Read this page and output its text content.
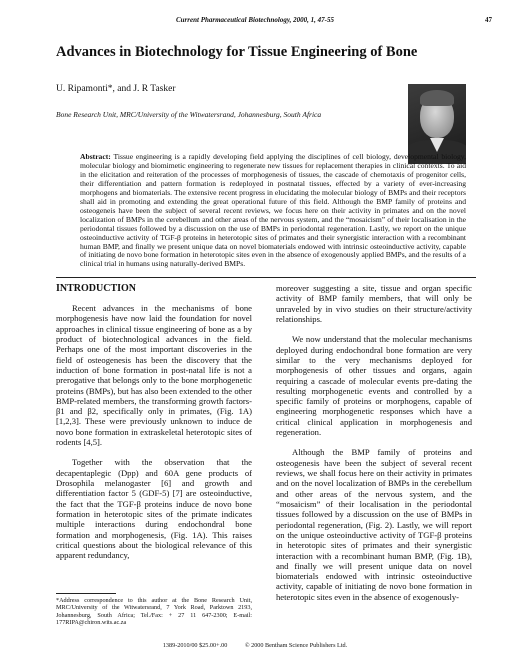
Current Pharmaceutical Biotechnology, 2000, 1, 47-55	47
Advances in Biotechnology for Tissue Engineering of Bone
U. Ripamonti*, and J. R Tasker
Bone Research Unit, MRC/University of the Witwatersrand, Johannesburg, South Africa
Abstract: Tissue engineering is a rapidly developing field applying the disciplines of cell biology, developmental biology, molecular biology and biomimetic engineering to regenerate new tissues for replacement therapies in clinical contexts. To aid in the elicitation and reiteration of the processes of morphogenesis of tissues, the cascade of chemotaxis of progenitor cells, their differentiation and pattern formation is redeployed in postnatal tissues, effected by a variety of ever-increasing morphogens and biomaterials. The extensive recent progress in elucidating the molecular biology of BMPs and their receptors shall aid in promoting and extending the great operational future of this field. Although the BMP family of proteins and osteogeneis have been the subject of several recent reviews, we focus here on their activity in primates and on the novel localization of BMPs in the cerebellum and other areas of the nervous system, and the “mosaicism” of their localisation in the periodontal tissues followed by a discussion on the use of BMPs in periodontal regeneration. Lastly, we report on the unique osteoinductive activity of TGF-β proteins in heterotopic sites of primates and their synergistic interaction with a recombinant human BMP, and finally we present unique data on novel biomaterials endowed with intrinsic osteoinductive activity, capable of initiating de novo bone formation in heterotopic sites even in the absence of exogenously applied BMPs, and the results of a clinical trial in humans using naturally-derived BMPs.

INTRODUCTION

Recent advances in the mechanisms of bone morphogenesis have now laid the foundation for novel approaches in clinical tissue engineering of bone as a by product of biotechnological advances in the field. Perhaps one of the most important discoveries in the field of osteogenesis has been the discovery that the induction of bone formation in post-natal life is not a prerogative that belongs only to the bone morphogenetic proteins (BMPs), but has also been extended to the other BMP-related members, the transforming growth factors-β1 and β2, specifically only in primates, (Fig. 1A) [1,2,3]. These were previously unknown to induce de novo bone formation in extraskeletal heterotopic sites of rodents [4,5].

Together with the observation that the decapentaplegic (Dpp) and 60A gene products of Drosophila melanogaster [6] and growth and differentiation factor 5 (GDF-5) [7] are osteoinductive, the fact that the TGF-β proteins induce de novo bone formation in heterotopic sites of the primate indicates multiple interactions during endochondral bone formation and morphogenesis, (Fig. 1A). This raises critical questions about the biological relevance of this apparent redundancy,

moreover suggesting a site, tissue and organ specific activity of BMP family members, that will only be unraveled by in vivo studies on their structure/activity relationships.

We now understand that the molecular mechanisms deployed during endochondral bone formation are very similar to the very mechanisms deployed for morphogenesis of other tissues and organs, again requiring a cascade of molecular events pre-dating the resulting morphogenetic events and controlled by a specific family of proteins or morphogens, capable of engineering morphogenetic responses which have a critical clinical application in morphogenesis and regeneration.

Although the BMP family of proteins and osteogenesis have been the subject of several recent reviews, we shall focus here on their activity in primates and on the novel localization of BMPs in the cerebellum and other areas of the nervous system, and the “mosaicism” of their localisation in the periodontal tissues followed by a discussion on the use of BMPs in periodontal regeneration, (Fig. 2). Lastly, we will report on the unique osteoinductive activity of TGF-β proteins in heterotopic sites of primates and their synergistic interaction with a recombinant human BMP, (Fig. 1B), and finally we will present unique data on novel biomaterials endowed with intrinsic osteoinductive activity, capable of initiating de novo bone formation in heterotopic sites even in the absence of exogenously-

*Address correspondence to this author at the Bone Research Unit, MRC/University of the Witwatersrand, 7 York Road, Parktown 2193, Johannesburg, South Africa; Tel./Fax: + 27 11 647-2300; E-mail: 177RIPA@chiron.wits.ac.za
1389-2010/00 $25.00+.00	© 2000 Bentham Science Publishers Ltd.
